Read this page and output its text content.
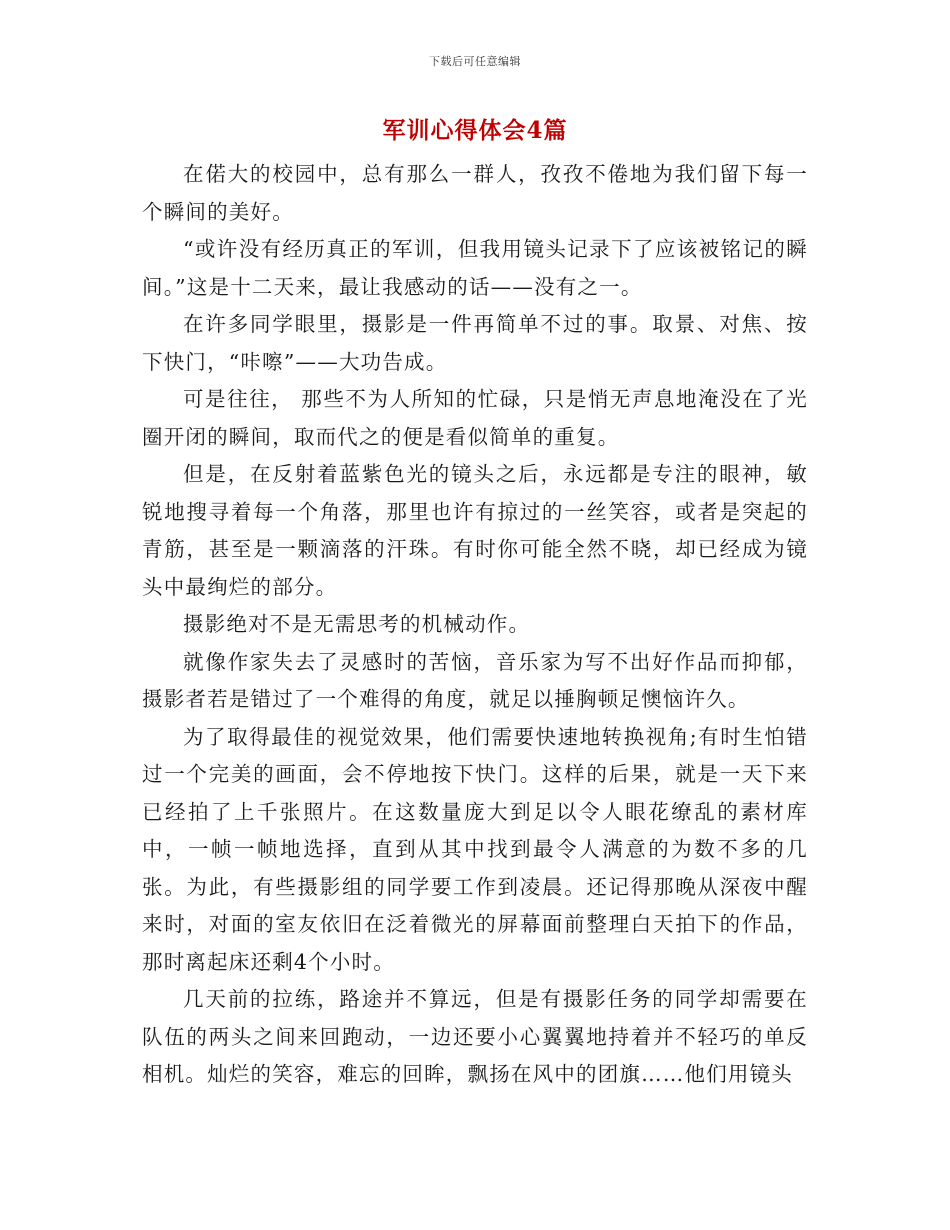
下载后可任意编辑
军训心得体会4篇

在偌大的校园中，总有那么一群人，孜孜不倦地为我们留下每一个瞬间的美好。

“或许没有经历真正的军训，但我用镜头记录下了应该被铭记的瞬间。”这是十二天来，最让我感动的话——没有之一。

在许多同学眼里，摄影是一件再简单不过的事。取景、对焦、按下快门，“咔嚓”——大功告成。

可是往往， 那些不为人所知的忙碌，只是悄无声息地淹没在了光圈开闭的瞬间，取而代之的便是看似简单的重复。

但是，在反射着蓝紫色光的镜头之后，永远都是专注的眼神，敏锐地搜寻着每一个角落，那里也许有掠过的一丝笑容，或者是突起的青筋，甚至是一颗滴落的汗珠。有时你可能全然不晓，却已经成为镜头中最绚烂的部分。

摄影绝对不是无需思考的机械动作。

就像作家失去了灵感时的苦恼，音乐家为写不出好作品而抑郁，摄影者若是错过了一个难得的角度，就足以捶胸顿足懊恼许久。

为了取得最佳的视觉效果，他们需要快速地转换视角;有时生怕错过一个完美的画面，会不停地按下快门。这样的后果，就是一天下来已经拍了上千张照片。在这数量庞大到足以令人眼花缭乱的素材库中，一帧一帧地选择，直到从其中找到最令人满意的为数不多的几张。为此，有些摄影组的同学要工作到凌晨。还记得那晚从深夜中醒来时，对面的室友依旧在泛着微光的屏幕面前整理白天拍下的作品，那时离起床还剩4个小时。

几天前的拉练，路途并不算远，但是有摄影任务的同学却需要在队伍的两头之间来回跑动，一边还要小心翼翼地持着并不轻巧的单反相机。灿烂的笑容，难忘的回眸，飘扬在风中的团旗……他们用镜头
